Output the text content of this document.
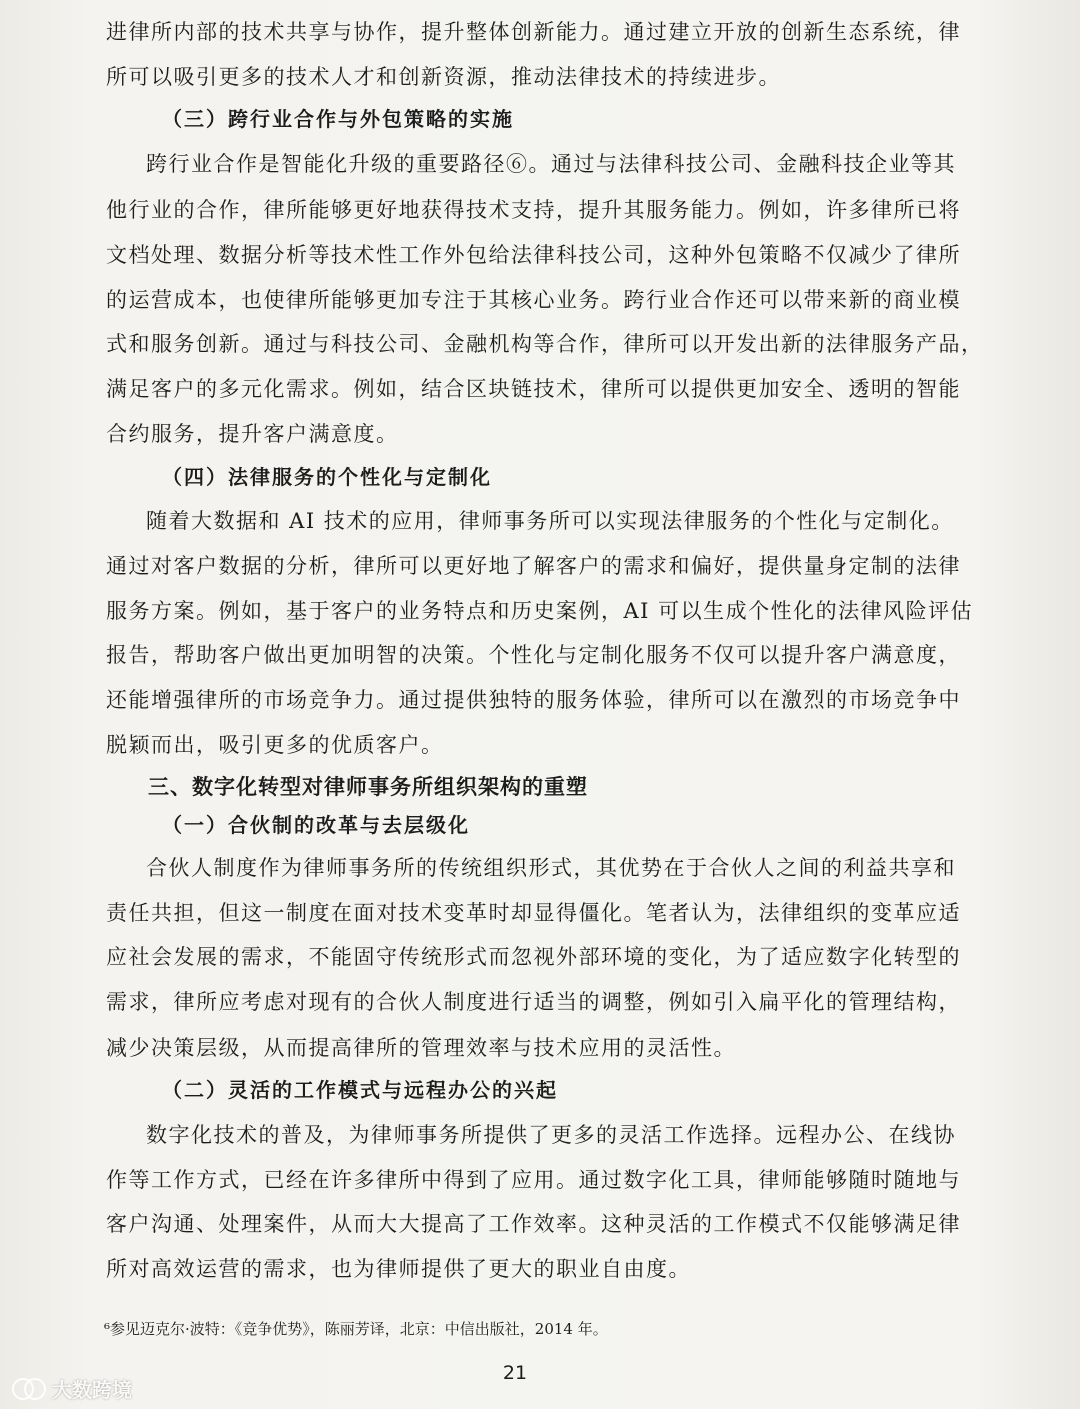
进律所内部的技术共享与协作，提升整体创新能力。通过建立开放的创新生态系统，律
所可以吸引更多的技术人才和创新资源，推动法律技术的持续进步。
（三）跨行业合作与外包策略的实施
跨行业合作是智能化升级的重要路径⑥。通过与法律科技公司、金融科技企业等其
他行业的合作，律所能够更好地获得技术支持，提升其服务能力。例如，许多律所已将
文档处理、数据分析等技术性工作外包给法律科技公司，这种外包策略不仅减少了律所
的运营成本，也使律所能够更加专注于其核心业务。跨行业合作还可以带来新的商业模
式和服务创新。通过与科技公司、金融机构等合作，律所可以开发出新的法律服务产品，
满足客户的多元化需求。例如，结合区块链技术，律所可以提供更加安全、透明的智能
合约服务，提升客户满意度。
（四）法律服务的个性化与定制化
随着大数据和 AI 技术的应用，律师事务所可以实现法律服务的个性化与定制化。
通过对客户数据的分析，律所可以更好地了解客户的需求和偏好，提供量身定制的法律
服务方案。例如，基于客户的业务特点和历史案例，AI 可以生成个性化的法律风险评估
报告，帮助客户做出更加明智的决策。个性化与定制化服务不仅可以提升客户满意度，
还能增强律所的市场竞争力。通过提供独特的服务体验，律所可以在激烈的市场竞争中
脱颖而出，吸引更多的优质客户。
三、数字化转型对律师事务所组织架构的重塑
（一）合伙制的改革与去层级化
合伙人制度作为律师事务所的传统组织形式，其优势在于合伙人之间的利益共享和
责任共担，但这一制度在面对技术变革时却显得僵化。笔者认为，法律组织的变革应适
应社会发展的需求，不能固守传统形式而忽视外部环境的变化，为了适应数字化转型的
需求，律所应考虑对现有的合伙人制度进行适当的调整，例如引入扁平化的管理结构，
减少决策层级，从而提高律所的管理效率与技术应用的灵活性。
（二）灵活的工作模式与远程办公的兴起
数字化技术的普及，为律师事务所提供了更多的灵活工作选择。远程办公、在线协
作等工作方式，已经在许多律所中得到了应用。通过数字化工具，律师能够随时随地与
客户沟通、处理案件，从而大大提高了工作效率。这种灵活的工作模式不仅能够满足律
所对高效运营的需求，也为律师提供了更大的职业自由度。
⁶参见迈克尔·波特：《竞争优势》，陈丽芳译，北京：中信出版社，2014 年。
21
大数跨境
